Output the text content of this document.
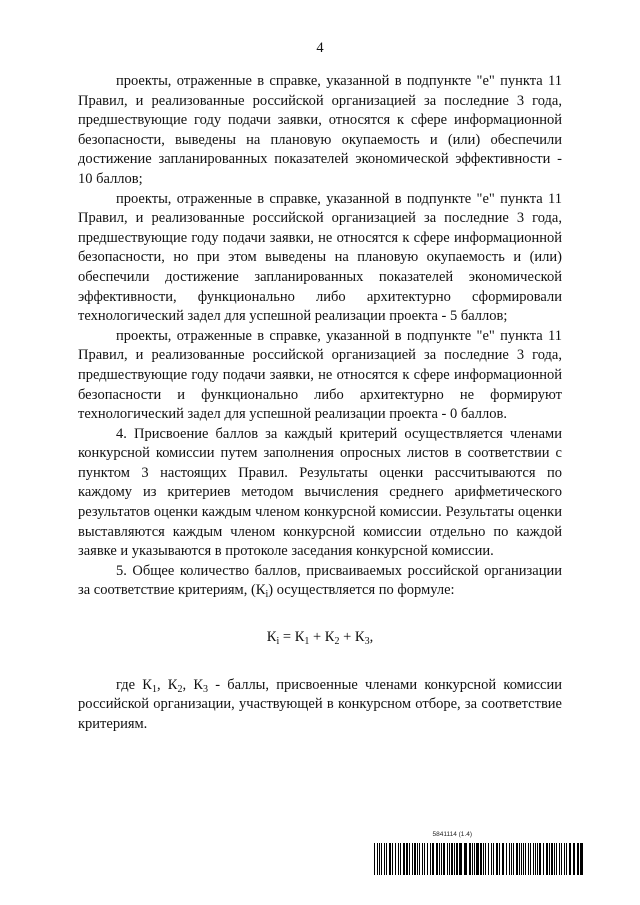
4

проекты, отраженные в справке, указанной в подпункте "е" пункта 11 Правил, и реализованные российской организацией за последние 3 года, предшествующие году подачи заявки, относятся к сфере информационной безопасности, выведены на плановую окупаемость и (или) обеспечили достижение запланированных показателей экономической эффективности - 10 баллов;

проекты, отраженные в справке, указанной в подпункте "е" пункта 11 Правил, и реализованные российской организацией за последние 3 года, предшествующие году подачи заявки, не относятся к сфере информационной безопасности, но при этом выведены на плановую окупаемость и (или) обеспечили достижение запланированных показателей экономической эффективности, функционально либо архитектурно сформировали технологический задел для успешной реализации проекта - 5 баллов;

проекты, отраженные в справке, указанной в подпункте "е" пункта 11 Правил, и реализованные российской организацией за последние 3 года, предшествующие году подачи заявки, не относятся к сфере информационной безопасности и функционально либо архитектурно не формируют технологический задел для успешной реализации проекта - 0 баллов.

4. Присвоение баллов за каждый критерий осуществляется членами конкурсной комиссии путем заполнения опросных листов в соответствии с пунктом 3 настоящих Правил. Результаты оценки рассчитываются по каждому из критериев методом вычисления среднего арифметического результатов оценки каждым членом конкурсной комиссии. Результаты оценки выставляются каждым членом конкурсной комиссии отдельно по каждой заявке и указываются в протоколе заседания конкурсной комиссии.

5. Общее количество баллов, присваиваемых российской организации за соответствие критериям, $(К_i)$ осуществляется по формуле:

$К_i = К_1 + К_2 + К_3$,

где $К_1$, $К_2$, $К_3$ - баллы, присвоенные членами конкурсной комиссии российской организации, участвующей в конкурсном отборе, за соответствие критериям.

5841114 (1.4)
